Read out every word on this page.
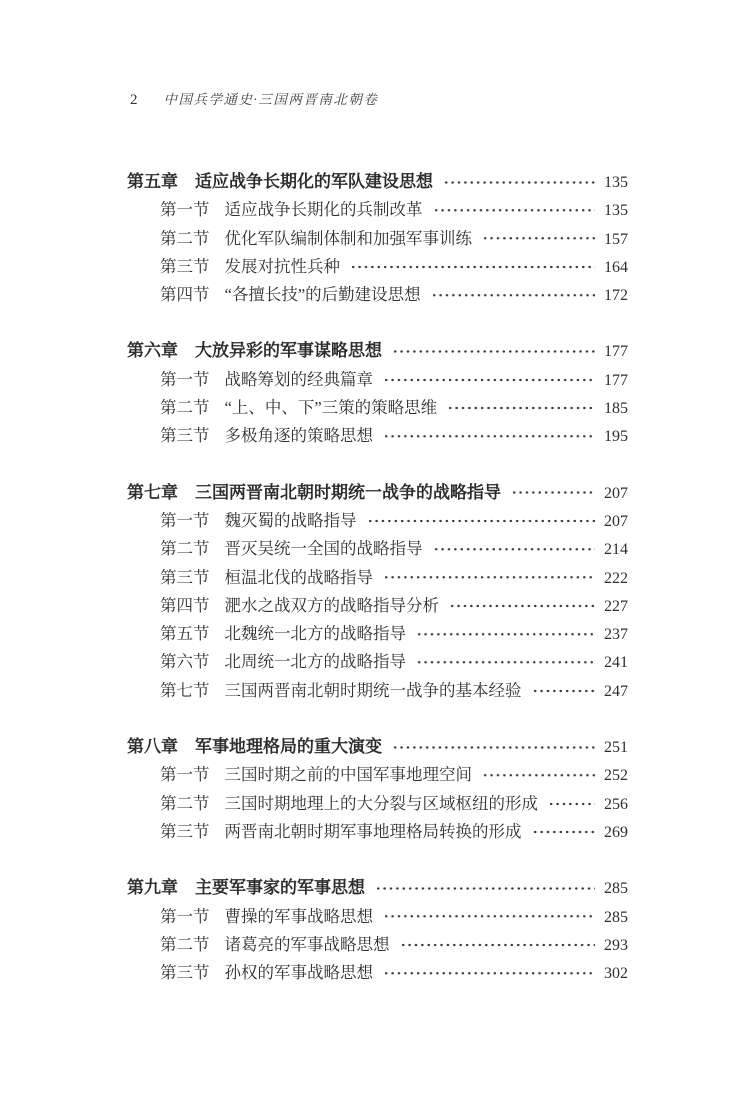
2 中国兵学通史·三国两晋南北朝卷
第五章 适应战争长期化的军队建设思想	135
第一节 适应战争长期化的兵制改革	135
第二节 优化军队编制体制和加强军事训练	157
第三节 发展对抗性兵种	164
第四节 “各擅长技”的后勤建设思想	172
第六章 大放异彩的军事谋略思想	177
第一节 战略筹划的经典篇章	177
第二节 “上、中、下”三策的策略思维	185
第三节 多极角逐的策略思想	195
第七章 三国两晋南北朝时期统一战争的战略指导	207
第一节 魏灭蜀的战略指导	207
第二节 晋灭吴统一全国的战略指导	214
第三节 桓温北伐的战略指导	222
第四节 淝水之战双方的战略指导分析	227
第五节 北魏统一北方的战略指导	237
第六节 北周统一北方的战略指导	241
第七节 三国两晋南北朝时期统一战争的基本经验	247
第八章 军事地理格局的重大演变	251
第一节 三国时期之前的中国军事地理空间	252
第二节 三国时期地理上的大分裂与区域枢纽的形成	256
第三节 两晋南北朝时期军事地理格局转换的形成	269
第九章 主要军事家的军事思想	285
第一节 曹操的军事战略思想	285
第二节 诸葛亮的军事战略思想	293
第三节 孙权的军事战略思想	302
